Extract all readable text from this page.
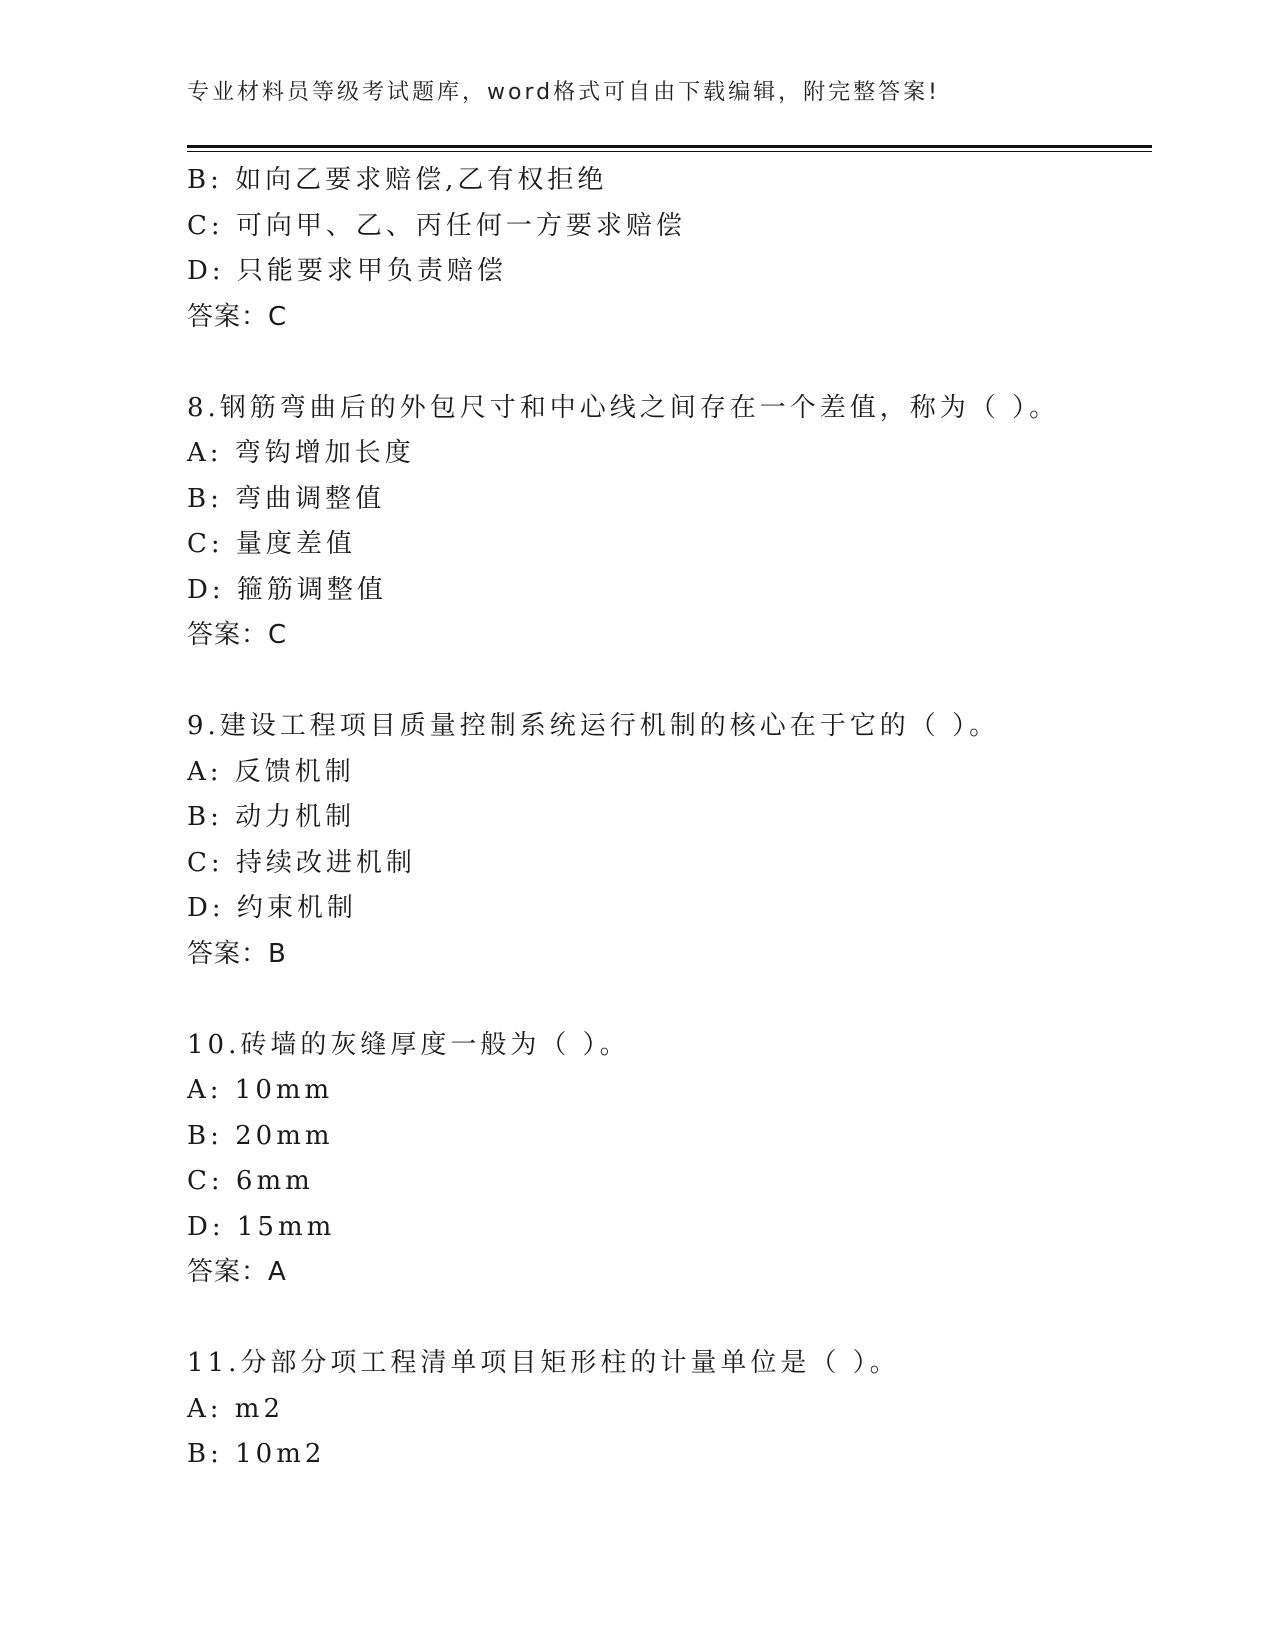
专业材料员等级考试题库，word格式可自由下载编辑，附完整答案!
B: 如向乙要求赔偿,乙有权拒绝
C: 可向甲、乙、丙任何一方要求赔偿
D: 只能要求甲负责赔偿
答案：C
8.钢筋弯曲后的外包尺寸和中心线之间存在一个差值，称为（ ）。
A: 弯钩增加长度
B: 弯曲调整值
C: 量度差值
D: 箍筋调整值
答案：C
9.建设工程项目质量控制系统运行机制的核心在于它的（ ）。
A: 反馈机制
B: 动力机制
C: 持续改进机制
D: 约束机制
答案：B
10.砖墙的灰缝厚度一般为（ ）。
A: 10mm
B: 20mm
C: 6mm
D: 15mm
答案：A
11.分部分项工程清单项目矩形柱的计量单位是（ ）。
A: m2
B: 10m2
